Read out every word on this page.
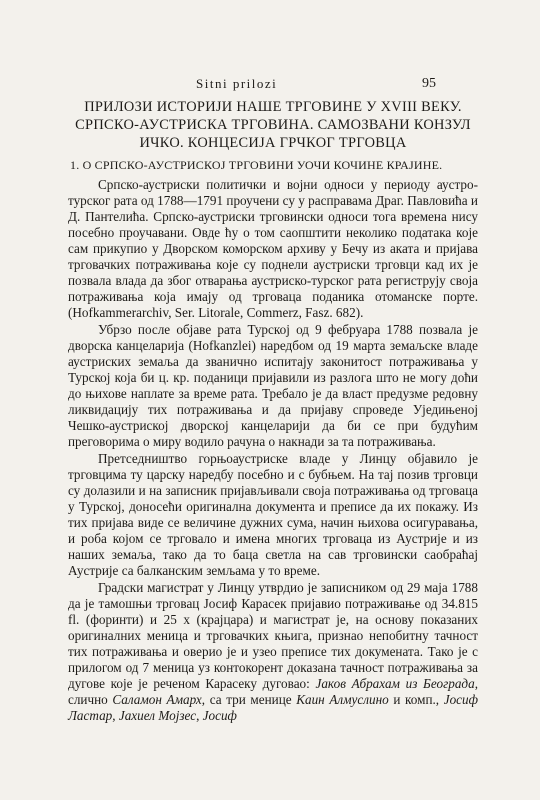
Sitni prilozi	95
ПРИЛОЗИ ИСТОРИЈИ НАШЕ ТРГОВИНЕ У XVIII ВЕКУ.
СРПСКО-АУСТРИСКА ТРГОВИНА. САМОЗВАНИ КОНЗУЛ
ИЧКО. КОНЦЕСИЈА ГРЧКОГ ТРГОВЦА
1. О СРПСКО-АУСТРИСКОЈ ТРГОВИНИ УОЧИ КОЧИНЕ КРАЈИНЕ.

Српско-аустриски политички и војни односи у периоду аустро-турског рата од 1788—1791 проучени су у расправама Драг. Павловића и Д. Пантелића. Српско-аустриски трговински односи тога времена нису посебно проучавани. Овде ћу о том саопштити неколико података које сам прикупио у Дворском коморском архиву у Бечу из аката и пријава трговачких потраживања које су поднели аустриски трговци кад их је позвала влада да због отварања аустриско-турског рата региструју своја потраживања која имају од трговаца поданика отоманске порте. (Hofkammerarchiv, Ser. Litorale, Commerz, Fasz. 682).

Убрзо после објаве рата Турској од 9 фебруара 1788 позвала је дворска канцеларија (Hofkanzlei) наредбом од 19 марта земаљске владе аустриских земаља да званично испитају законитост потраживања у Турској која би ц. кр. поданици пријавили из разлога што не могу доћи до њихове наплате за време рата. Требало је да власт предузме редовну ликвидацију тих потраживања и да пријаву спроведе Уједињеној Чешко-аустриској дворској канцеларији да би се при будућим преговорима о миру водило рачуна о накнади за та потраживања.

Претседништво горњоаустриске владе у Линцу објавило је трговцима ту царску наредбу посебно и с бубњем. На тај позив трговци су долазили и на записник пријављивали своја потраживања од трговаца у Турској, доносећи оригинална документа и преписе да их покажу. Из тих пријава виде се величине дужних сума, начин њихова осигуравања, и роба којом се трговало и имена многих трговаца из Аустрије и из наших земаља, тако да то баца светла на сав трговински саобраћај Аустрије са балканским земљама у то време.

Градски магистрат у Линцу утврдио је записником од 29 маја 1788 да је тамошњи трговац Јосиф Карасек пријавио потраживање од 34.815 fl. (форинти) и 25 х (крајцара) и магистрат је, на основу показаних оригиналних меница и трговачких књига, признао непобитну тачност тих потраживања и оверио је и узео преписе тих докумената. Тако је с прилогом од 7 меница уз контокорент доказана тачност потраживања за дугове које је реченом Карасеку дуговао: Јаков Абрахам из Београда, слично Саламон Амарх, са три менице Каин Алмуслино и комп., Јосиф Ластар, Јахиел Мојзес, Јосиф
